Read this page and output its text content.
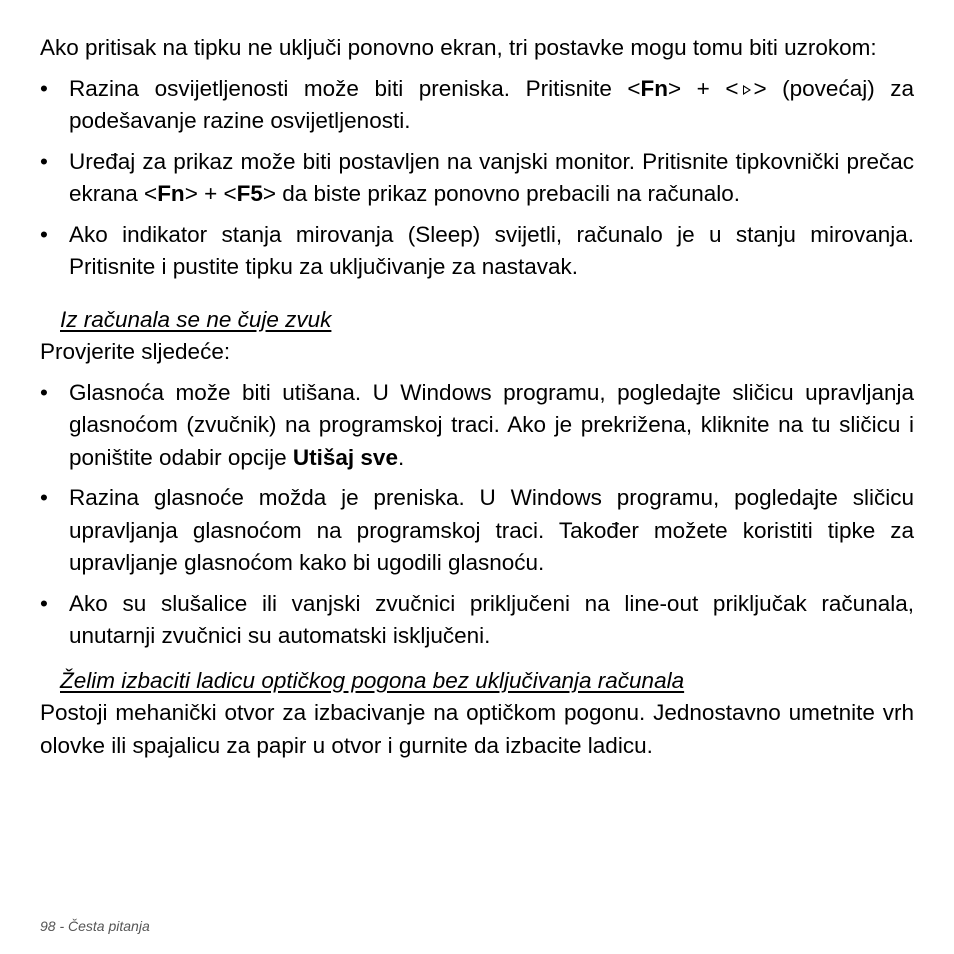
Ako pritisak na tipku ne uključi ponovno ekran, tri postavke mogu tomu biti uzrokom:

• Razina osvijetljenosti može biti preniska. Pritisnite <Fn> + < > (povećaj) za podešavanje razine osvijetljenosti.
• Uređaj za prikaz može biti postavljen na vanjski monitor. Pritisnite tipkovnički prečac ekrana <Fn> + <F5> da biste prikaz ponovno prebacili na računalo.
• Ako indikator stanja mirovanja (Sleep) svijetli, računalo je u stanju mirovanja. Pritisnite i pustite tipku za uključivanje za nastavak.
Iz računala se ne čuje zvuk

Provjerite sljedeće:

• Glasnoća može biti utišana. U Windows programu, pogledajte sličicu upravljanja glasnoćom (zvučnik) na programskoj traci. Ako je prekrižena, kliknite na tu sličicu i poništite odabir opcije Utišaj sve.
• Razina glasnoće možda je preniska. U Windows programu, pogledajte sličicu upravljanja glasnoćom na programskoj traci. Također možete koristiti tipke za upravljanje glasnoćom kako bi ugodili glasnoću.
• Ako su slušalice ili vanjski zvučnici priključeni na line-out priključak računala, unutarnji zvučnici su automatski isključeni.
Želim izbaciti ladicu optičkog pogona bez uključivanja računala

Postoji mehanički otvor za izbacivanje na optičkom pogonu. Jednostavno umetnite vrh olovke ili spajalicu za papir u otvor i gurnite da izbacite ladicu.

98 - Česta pitanja
